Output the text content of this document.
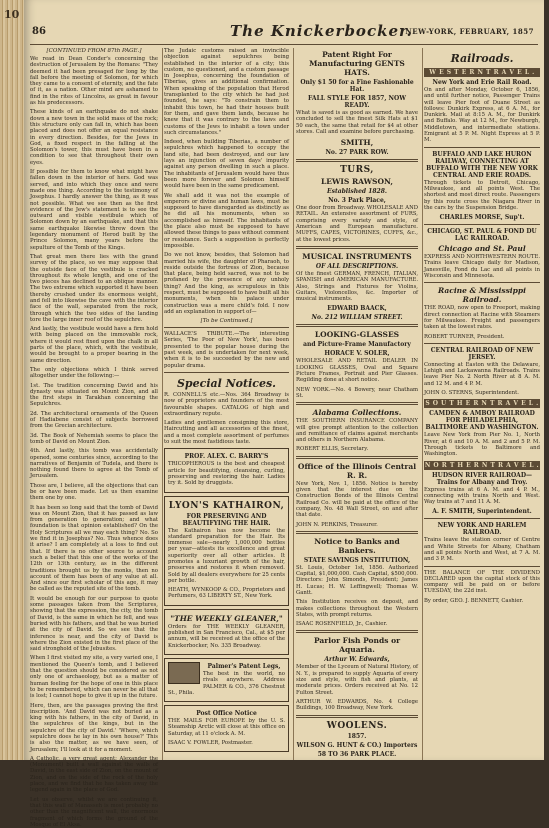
10
86	The Knickerbocker.
NEW-YORK, FEBRUARY, 1857
[CONTINUED FROM 87th PAGE.]

We read in Dean Conder's concerning the destruction of Jerusalem by the Romans: "They deemed it had been presaged for long by the fall before the meeting of Solomon, for which they came to a consent of eternity, and the fate of it, as a nation. Other mind are ashamed to find in the rites of Lincolns, as great in favour as his predecessors.

These kinds of an earthquake do not shake down a new town in the solid mass of the rock; this structure only can fall in, which has been placed and does not offer an equal resistance in every direction. Besides, for the Jews in God, a fixed respect in the falling at the Solomon's tower, this must have been in a condition to see that throughout their own eyes.

If possible for them to know what might have fallen down in the interior of hers. God was served, and into which they once and were made one thing. According to the testimony of Josephus. I hardly answer the thing, as it was not possible. What we see then as the first evidence of the Jew's statement is to see the outward and visible vestibule which of Solomon down by an earthquake, and that this same earthquake likewise threw down the legendary monument of Herod built by the Prince Solomon, many years before the sepulture of the Tomb of the Kings.

That great men there lies with the grand survey of the place, so we may suppose that the outside face of the vestibule is cracked throughout its whole length, and one of the two pieces has declined to an oblique manner. The two extreme which supported it have been thereby crushed under its enormous weight, and fell into likewise the cave with the interior face of the wall, separated from the rock, through which the two sides of the landing tore the large inner roof of the sepulchre.

And lastly, the vestibule would have a firm hold with being placed on the immovable rock, where it would rest fixed upon the chalk in all parts of the place, which, with the vestibule, would be brought to a proper bearing in the same direction.

The only objections which I think served altogether under the following:—

1st. The tradition concerning David and his dynasty was situated on Mount Zion, and all the first steps in Tarakhan concerning the Sepulchres.

2d. The architectural ornaments of the Queen of Hadiabene consist of subjects borrowed from the Grecian architecture.

3d. The Book of Nehemiah seems to place the tomb of David on Mount Zion.

4th. And lastly, this tomb was accidentally opened, some centuries since, according to the narratives of Benjamin of Tudela, and there is nothing found there to agree at the Tomb of Jerusalem.

Those are, I believe, all the objections that can be or have been made. Let us then examine them one by one.

It has been so long said that the tomb of David was on Mount Zion, that it has passed as law from generation to generation; and what foundation is that opinion established? On the Holy Scriptures all we may each thing? No. So we find it in Josephus? No. Thus whence does it arise? I am completely at a loss to find out that. If there is no other source to account such a belief that this one of the works of the 12th or 13th century, as in the different traditions brought us by the monks, then no account of them has been of any value at all. And since our first scholar of this age, it may be called as the reputed site of the tomb.

It would be enough for our purpose to quote some passages taken from the Scriptures, showing that the expression, the city, the tomb of David, is the same in which he fell, and was buried with his fathers, and that he was buried at the city of David. So we see that the inference is near, and the city of David is where the Zion existed in the first place of the said stronghold of the Jebusites.

When I first visited my site, a very varied one, I mentioned the Queen's tomb, and I believed that the question should be considered as not only one of archaeology, but as a matter of human feeling for the hope of one in this place to be remembered, which can never be all that is lost; I cannot hope to give it up in the future.

Here, then, are the passages proving the first inscription. 'And David was not buried as a king with his fathers, in the city of David, in the sepulchres of the kings, but in the sepulchre of the city of David.' 'Where, which sepulchre does he lay in his own house?' This is also the matter, as we have seen, of Jerusalem; I'll look at it for a moment.

A Catholic, a very great agent; Alexander the (Monument) built a wall against the walls of David, in the east side of Zion, on the mount of Zion, and on the side of the rock of the holy place, and we find that he has taken away the legend again in the place of God.

Let us observe, whilst we are continuing it, that this wall of Manasseh is most probably no other than the magnificent wall, the enormous fragment of which forms the ground of the Mosque of El Aksa.

The Judaic customs raised an invincible objection against sepulchres being established in the interior of a city; this custom, no questioned, and a custom passage in Josephus, concerning the foundation of Tiberias, gives an additional confirmation. When speaking of the population that Herod transplanted to the city which he had just founded, he says: "To constrain them to inhabit this town, he had their houses built for them, and gave them lands, because he knew that it was contrary to the laws and customs of the Jews to inhabit a town under such circumstances."

Indeed, when building Tiberias, a number of sepulchres which happened to occupy the land site, had been destroyed, and our law lays an injunction of seven days' impurity against any person dwelling in such a place. The inhabitants of Jerusalem would have thus been more forever and Solomon himself would have been in the same predicament.

We shall add it was not the example of emperors or divine and human laws, must be supposed to have disregarded as distinctly as he did all his monuments, when so accomplished as himself. The inhabitants of the place also must be supposed to have allowed these things to pass without comment or resistance. Such a supposition is perfectly impossible.

Do we not know, besides, that Solomon had married his wife, the daughter of Pharaoh, to reside outside the fortress of Zion, because that place, being held sacred, was not to be profaned by the presence of any unholy thing? And the king, as scrupulous in this respect, must be supposed to have built all his monuments, when his palace under construction was a mere child's fold. I now add an explanation in support of—

[To be Continued.]

WALLACE'S TRIBUTE.—The interesting Series, 'The Poor of New York', has been presented to the popular house during the past week, and is undertaken for next week, when it is to be succeeded by the new and popular drama.

Special Notices.

R. CONNELL'S etc.—Nos. 364 Broadway is now of proprietors and founders of the most favourable shapes. CATALOG of high and extraordinary repute.

Ladies and gentlemen consigning this store, Haircutting and all accessories of the finest, and a most complete assortment of perfumes to suit the most fastidious taste.

PROF. ALEX. C. BARRY'S

TRICOPHEROUS is the best and cheapest article for beautifying, cleansing, curling, preserving and restoring the hair. Ladies try it. Sold by druggists.

LYON'S KATHAIRON,
FOR PRESERVING AND BEAUTIFYING THE HAIR.

The Kathairon has now become the standard preparation for the Hair. Its immense sale—nearly 1,000,000 bottles per year—attests its excellence and great superiority over all other articles. It promotes a luxuriant growth of the hair, preserves and restores it when removed. Sold by all dealers everywhere for 25 cents per bottle.

HEATH, WYNKOOP & CO., Proprietors and Perfumers, 63 LIBERTY ST., New York.

"THE WEEKLY GLEANER,"

Orders for THE WEEKLY GLEANER, published in San Francisco, Cal., at $5 per annum, will be received at the office of the Knickerbocker, No. 335 Broadway.

Palmer's Patent Legs,

The best in the world, no rivals anywhere. Address PALMER & CO., 376 Chestnut St., Phila.

Post Office Notice

THE MAILS FOR EUROPE by the U. S. Steamship Arctic will close at this office on Saturday, at 11 o'clock A. M.

ISAAC V. FOWLER, Postmaster.

Patent Right For Manufacturing GENTS HATS.
Only $1 50 for a Fine Fashionable Hat.
FALL STYLE FOR 1857, NOW READY.

What is saved is as good as earned. We have concluded to sell the finest Silk Hats at $1 50 each, the same that retail for $4 at other stores. Call and examine before purchasing.

SMITH,
No. 27 PARK ROW.
TURS,
LEWIS RAWSON,
Established 1828.
No. 3 Park Place,

One door from Broadway. WHOLESALE AND RETAIL. An extensive assortment of FURS, comprising every variety and style, of American and European manufacture. MUFFS, CAPES, VICTORINES, CUFFS, &c., at the lowest prices.

MUSICAL INSTRUMENTS
OF ALL DESCRIPTIONS.

Of the finest GERMAN, FRENCH, ITALIAN, SPANISH and AMERICAN MANUFACTURE. Also, Strings and Fixtures for Violins, Guitars, Violoncellos, &c. Importer of musical instruments.

EDWARD BAACK,
No. 212 WILLIAM STREET.
LOOKING-GLASSES
and Picture-Frame Manufactory
HORACE V. SOLER,

WHOLESALE AND RETAIL DEALER IN LOOKING GLASSES, Oval and Square Picture Frames, Portrait and Pier Glasses. Regilding done at short notice.

NEW YORK.—No. 4 Bowery, near Chatham St.

Alabama Collections.

THE SOUTHERN INSURANCE COMPANY will give prompt attention to the collection and remittance of claims against merchants and others in Northern Alabama.

ROBERT ELLIS, Secretary.

Office of the Illinois Central R. R.

New York, Nov. 1, 1856. Notice is hereby given that the interest due on the Construction Bonds of the Illinois Central Railroad Co. will be paid at the office of the company, No. 48 Wall Street, on and after that date.

JOHN N. PERKINS, Treasurer.

Notice to Banks and Bankers.
STATE SAVINGS INSTITUTION,

St. Louis, October 1st, 1856. Authorized Capital, $1,000,000. Cash Capital, $500,000. Directors: John Simonds, President; James H. Lucas; H. W. Leffingwell; Thomas W. Gantt.

This Institution receives on deposit, and makes collections throughout the Western States, with prompt returns.

ISAAC ROSENFIELD, Jr., Cashier.

Parlor Fish Ponds or Aquaria.
Arthur W. Edwards,

Member of the Lyceum of Natural History, of N. Y., is prepared to supply Aquaria of every size and style, with fish and plants, at moderate prices. Orders received at No. 12 Fulton Street.

ARTHUR W. EDWARDS, No. 4 College Buildings, 100 Broadway, New York.

WOOLENS.
1857.
WILSON G. HUNT & CO.) Importers
58 TO 36 PARK PLACE.
Railroads.
W E S T E R N T R A V E L .
New York and Erie Rail Road.

On and after Monday, October 6, 1856, and until further notice, Passenger Trains will leave Pier foot of Duane Street as follows: Dunkirk Express, at 6 A. M., for Dunkirk. Mail at 8:15 A. M., for Dunkirk and Buffalo. Way at 12 M., for Newburgh, Middletown, and intermediate stations. Emigrant at 5 P. M. Night Express at 5 P. M.

BUFFALO AND LAKE HURON RAILWAY, CONNECTING AT BUFFALO WITH THE NEW YORK CENTRAL AND ERIE ROADS.

Through tickets to Detroit, Chicago, Milwaukee, and all points West. The shortest and most direct route. Passengers by this route cross the Niagara River in the cars by the Suspension Bridge.

CHARLES MORSE, Sup't.
CHICAGO, ST. PAUL & FOND DU LAC RAILROAD.
Chicago and St. Paul

EXPRESS AND NORTHWESTERN ROUTE. Trains leave Chicago daily for Madison, Janesville, Fond du Lac and all points in Wisconsin and Minnesota.

Racine & Mississippi Railroad.

THE ROAD, now open to Freeport, making direct connection at Racine with Steamers for Milwaukee. Freight and passengers taken at the lowest rates.

ROBERT TURNER, President.

CENTRAL RAILROAD OF NEW JERSEY.

Connecting at Easton with the Delaware, Lehigh and Lackawanna Railroads. Trains leave Pier No. 2 North River at 8 A. M. and 12 M. and 4 P. M.

JOHN O. STERNS, Superintendent.

S O U T H E R N T R A V E L .
CAMDEN & AMBOY RAILROAD FOR PHILADELPHIA, BALTIMORE AND WASHINGTON.

Leave New York from Pier No. 1, North River, at 6 and 10 A. M. and 2 and 5 P. M. Through tickets to Baltimore and Washington.

N O R T H E R N T R A V E L .
HUDSON RIVER RAILROAD—Trains for Albany and Troy.

Express trains at 6 A. M. and 4 P. M., connecting with trains North and West. Way trains at 7 and 11 A. M.

A. F. SMITH, Superintendent.
NEW YORK AND HARLEM RAILROAD.

Trains leave the station corner of Centre and White Streets for Albany, Chatham and all points North and West, at 7 A. M. and 3 P. M.

THE BALANCE OF THE DIVIDEND DECLARED upon the capital stock of this company will be paid on or before TUESDAY, the 22d inst.

By order, GEO. J. BENNETT, Cashier.
